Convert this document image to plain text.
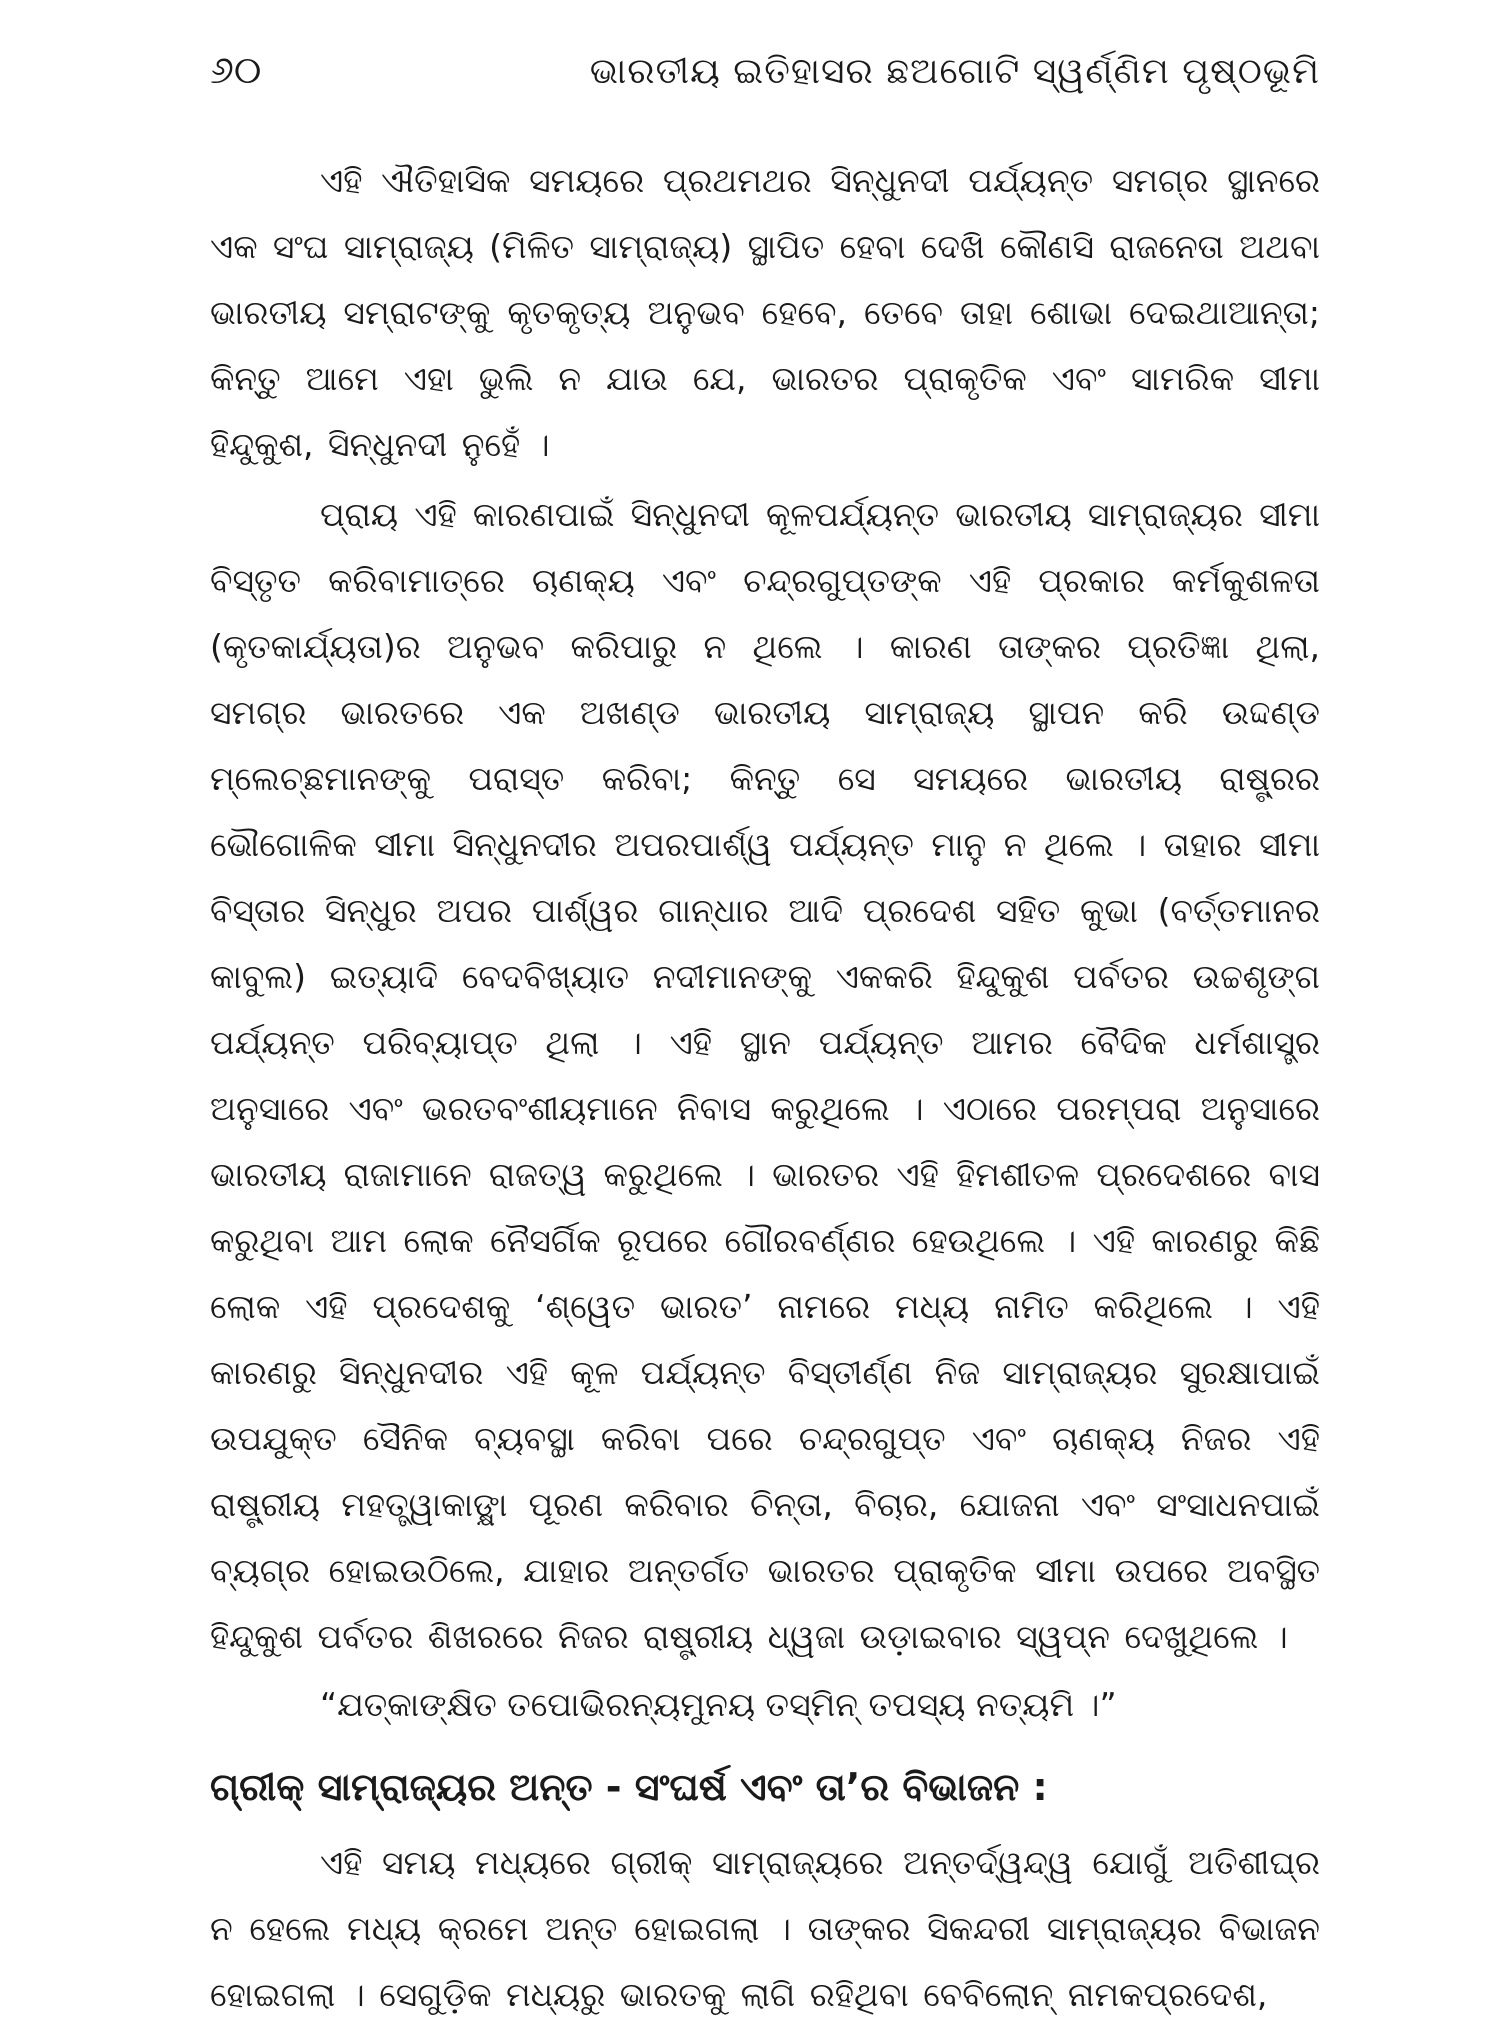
୬୦	ଭାରତୀୟ ଇତିହାସର ଛଅଗୋଟି ସ୍ୱର୍ଣ୍ଣିମ ପୃଷ୍ଠଭୂମି

ଏହି ଐତିହାସିକ ସମୟରେ ପ୍ରଥମଥର ସିନ୍ଧୁନଦୀ ପର୍ଯ୍ୟନ୍ତ ସମଗ୍ର ସ୍ଥାନରେ ଏକ ସଂଘ ସାମ୍ରାଜ୍ୟ (ମିଳିତ ସାମ୍ରାଜ୍ୟ) ସ୍ଥାପିତ ହେବା ଦେଖି କୌଣସି ରାଜନେତା ଅଥବା ଭାରତୀୟ ସମ୍ରାଟଙ୍କୁ କୃତକୃତ୍ୟ ଅନୁଭବ ହେବେ, ତେବେ ତାହା ଶୋଭା ଦେଇଥାଆନ୍ତା; କିନ୍ତୁ ଆମେ ଏହା ଭୁଲି ନ ଯାଉ ଯେ, ଭାରତର ପ୍ରାକୃତିକ ଏବଂ ସାମରିକ ସୀମା ହିନ୍ଦୁକୁଶ, ସିନ୍ଧୁନଦୀ ନୁହେଁ ।

ପ୍ରାୟ ଏହି କାରଣପାଇଁ ସିନ୍ଧୁନଦୀ କୂଳପର୍ଯ୍ୟନ୍ତ ଭାରତୀୟ ସାମ୍ରାଜ୍ୟର ସୀମା ବିସ୍ତୃତ କରିବାମାତ୍ରେ ଚାଣକ୍ୟ ଏବଂ ଚନ୍ଦ୍ରଗୁପ୍ତଙ୍କ ଏହି ପ୍ରକାର କର୍ମକୁଶଳତା (କୃତକାର୍ଯ୍ୟତା)ର ଅନୁଭବ କରିପାରୁ ନ ଥିଲେ । କାରଣ ତାଙ୍କର ପ୍ରତିଜ୍ଞା ଥିଲା, ସମଗ୍ର ଭାରତରେ ଏକ ଅଖଣ୍ଡ ଭାରତୀୟ ସାମ୍ରାଜ୍ୟ ସ୍ଥାପନ କରି ଉଦ୍ଦଣ୍ଡ ମ୍ଲେଚ୍ଛମାନଙ୍କୁ ପରାସ୍ତ କରିବା; କିନ୍ତୁ ସେ ସମୟରେ ଭାରତୀୟ ରାଷ୍ଟ୍ରର ଭୌଗୋଳିକ ସୀମା ସିନ୍ଧୁନଦୀର ଅପରପାର୍ଶ୍ୱ ପର୍ଯ୍ୟନ୍ତ ମାନୁ ନ ଥିଲେ । ତାହାର ସୀମା ବିସ୍ତାର ସିନ୍ଧୁର ଅପର ପାର୍ଶ୍ୱର ଗାନ୍ଧାର ଆଦି ପ୍ରଦେଶ ସହିତ କୁଭା (ବର୍ତ୍ତମାନର କାବୁଲ) ଇତ୍ୟାଦି ବେଦବିଖ୍ୟାତ ନଦୀମାନଙ୍କୁ ଏକକରି ହିନ୍ଦୁକୁଶ ପର୍ବତର ଉଚ୍ଚଶୃଙ୍ଗ ପର୍ଯ୍ୟନ୍ତ ପରିବ୍ୟାପ୍ତ ଥିଲା । ଏହି ସ୍ଥାନ ପର୍ଯ୍ୟନ୍ତ ଆମର ବୈଦିକ ଧର୍ମଶାସ୍ତ୍ର ଅନୁସାରେ ଏବଂ ଭରତବଂଶୀୟମାନେ ନିବାସ କରୁଥିଲେ । ଏଠାରେ ପରମ୍ପରା ଅନୁସାରେ ଭାରତୀୟ ରାଜାମାନେ ରାଜତ୍ୱ କରୁଥିଲେ । ଭାରତର ଏହି ହିମଶୀତଳ ପ୍ରଦେଶରେ ବାସ କରୁଥିବା ଆମ ଲୋକ ନୈସର୍ଗିକ ରୂପରେ ଗୌରବର୍ଣ୍ଣର ହେଉଥିଲେ । ଏହି କାରଣରୁ କିଛି ଲୋକ ଏହି ପ୍ରଦେଶକୁ ‘ଶ୍ୱେତ ଭାରତ’ ନାମରେ ମଧ୍ୟ ନାମିତ କରିଥିଲେ । ଏହି କାରଣରୁ ସିନ୍ଧୁନଦୀର ଏହି କୂଳ ପର୍ଯ୍ୟନ୍ତ ବିସ୍ତୀର୍ଣ୍ଣ ନିଜ ସାମ୍ରାଜ୍ୟର ସୁରକ୍ଷାପାଇଁ ଉପଯୁକ୍ତ ସୈନିକ ବ୍ୟବସ୍ଥା କରିବା ପରେ ଚନ୍ଦ୍ରଗୁପ୍ତ ଏବଂ ଚାଣକ୍ୟ ନିଜର ଏହି ରାଷ୍ଟ୍ରୀୟ ମହତ୍ତ୍ୱାକାଙ୍କ୍ଷା ପୂରଣ କରିବାର ଚିନ୍ତା, ବିଚାର, ଯୋଜନା ଏବଂ ସଂସାଧନପାଇଁ ବ୍ୟଗ୍ର ହୋଇଉଠିଲେ, ଯାହାର ଅନ୍ତର୍ଗତ ଭାରତର ପ୍ରାକୃତିକ ସୀମା ଉପରେ ଅବସ୍ଥିତ ହିନ୍ଦୁକୁଶ ପର୍ବତର ଶିଖରରେ ନିଜର ରାଷ୍ଟ୍ରୀୟ ଧ୍ୱଜା ଉଡ଼ାଇବାର ସ୍ୱପ୍ନ ଦେଖୁଥିଲେ ।

“ଯତ୍‌କାଙ୍‌କ୍ଷିତ ତପୋଭିରନ୍ୟମୁନୟ ତସ୍ମିନ୍‌ ତପସ୍ୟ ନତ୍ୟମି ।”

ଗ୍ରୀକ୍ ସାମ୍ରାଜ୍ୟର ଅନ୍ତ - ସଂଘର୍ଷ ଏବଂ ତା’ର ବିଭାଜନ :

ଏହି ସମୟ ମଧ୍ୟରେ ଗ୍ରୀକ୍ ସାମ୍ରାଜ୍ୟରେ ଅନ୍ତର୍ଦ୍ୱନ୍ଦ୍ୱ ଯୋଗୁଁ ଅତିଶୀଘ୍ର ନ ହେଲେ ମଧ୍ୟ କ୍ରମେ ଅନ୍ତ ହୋଇଗଲା । ତାଙ୍କର ସିକନ୍ଦରୀ ସାମ୍ରାଜ୍ୟର ବିଭାଜନ ହୋଇଗଲା । ସେଗୁଡ଼ିକ ମଧ୍ୟରୁ ଭାରତକୁ ଲାଗି ରହିଥିବା ବେବିଲୋନ୍ ନାମକପ୍ରଦେଶ,
